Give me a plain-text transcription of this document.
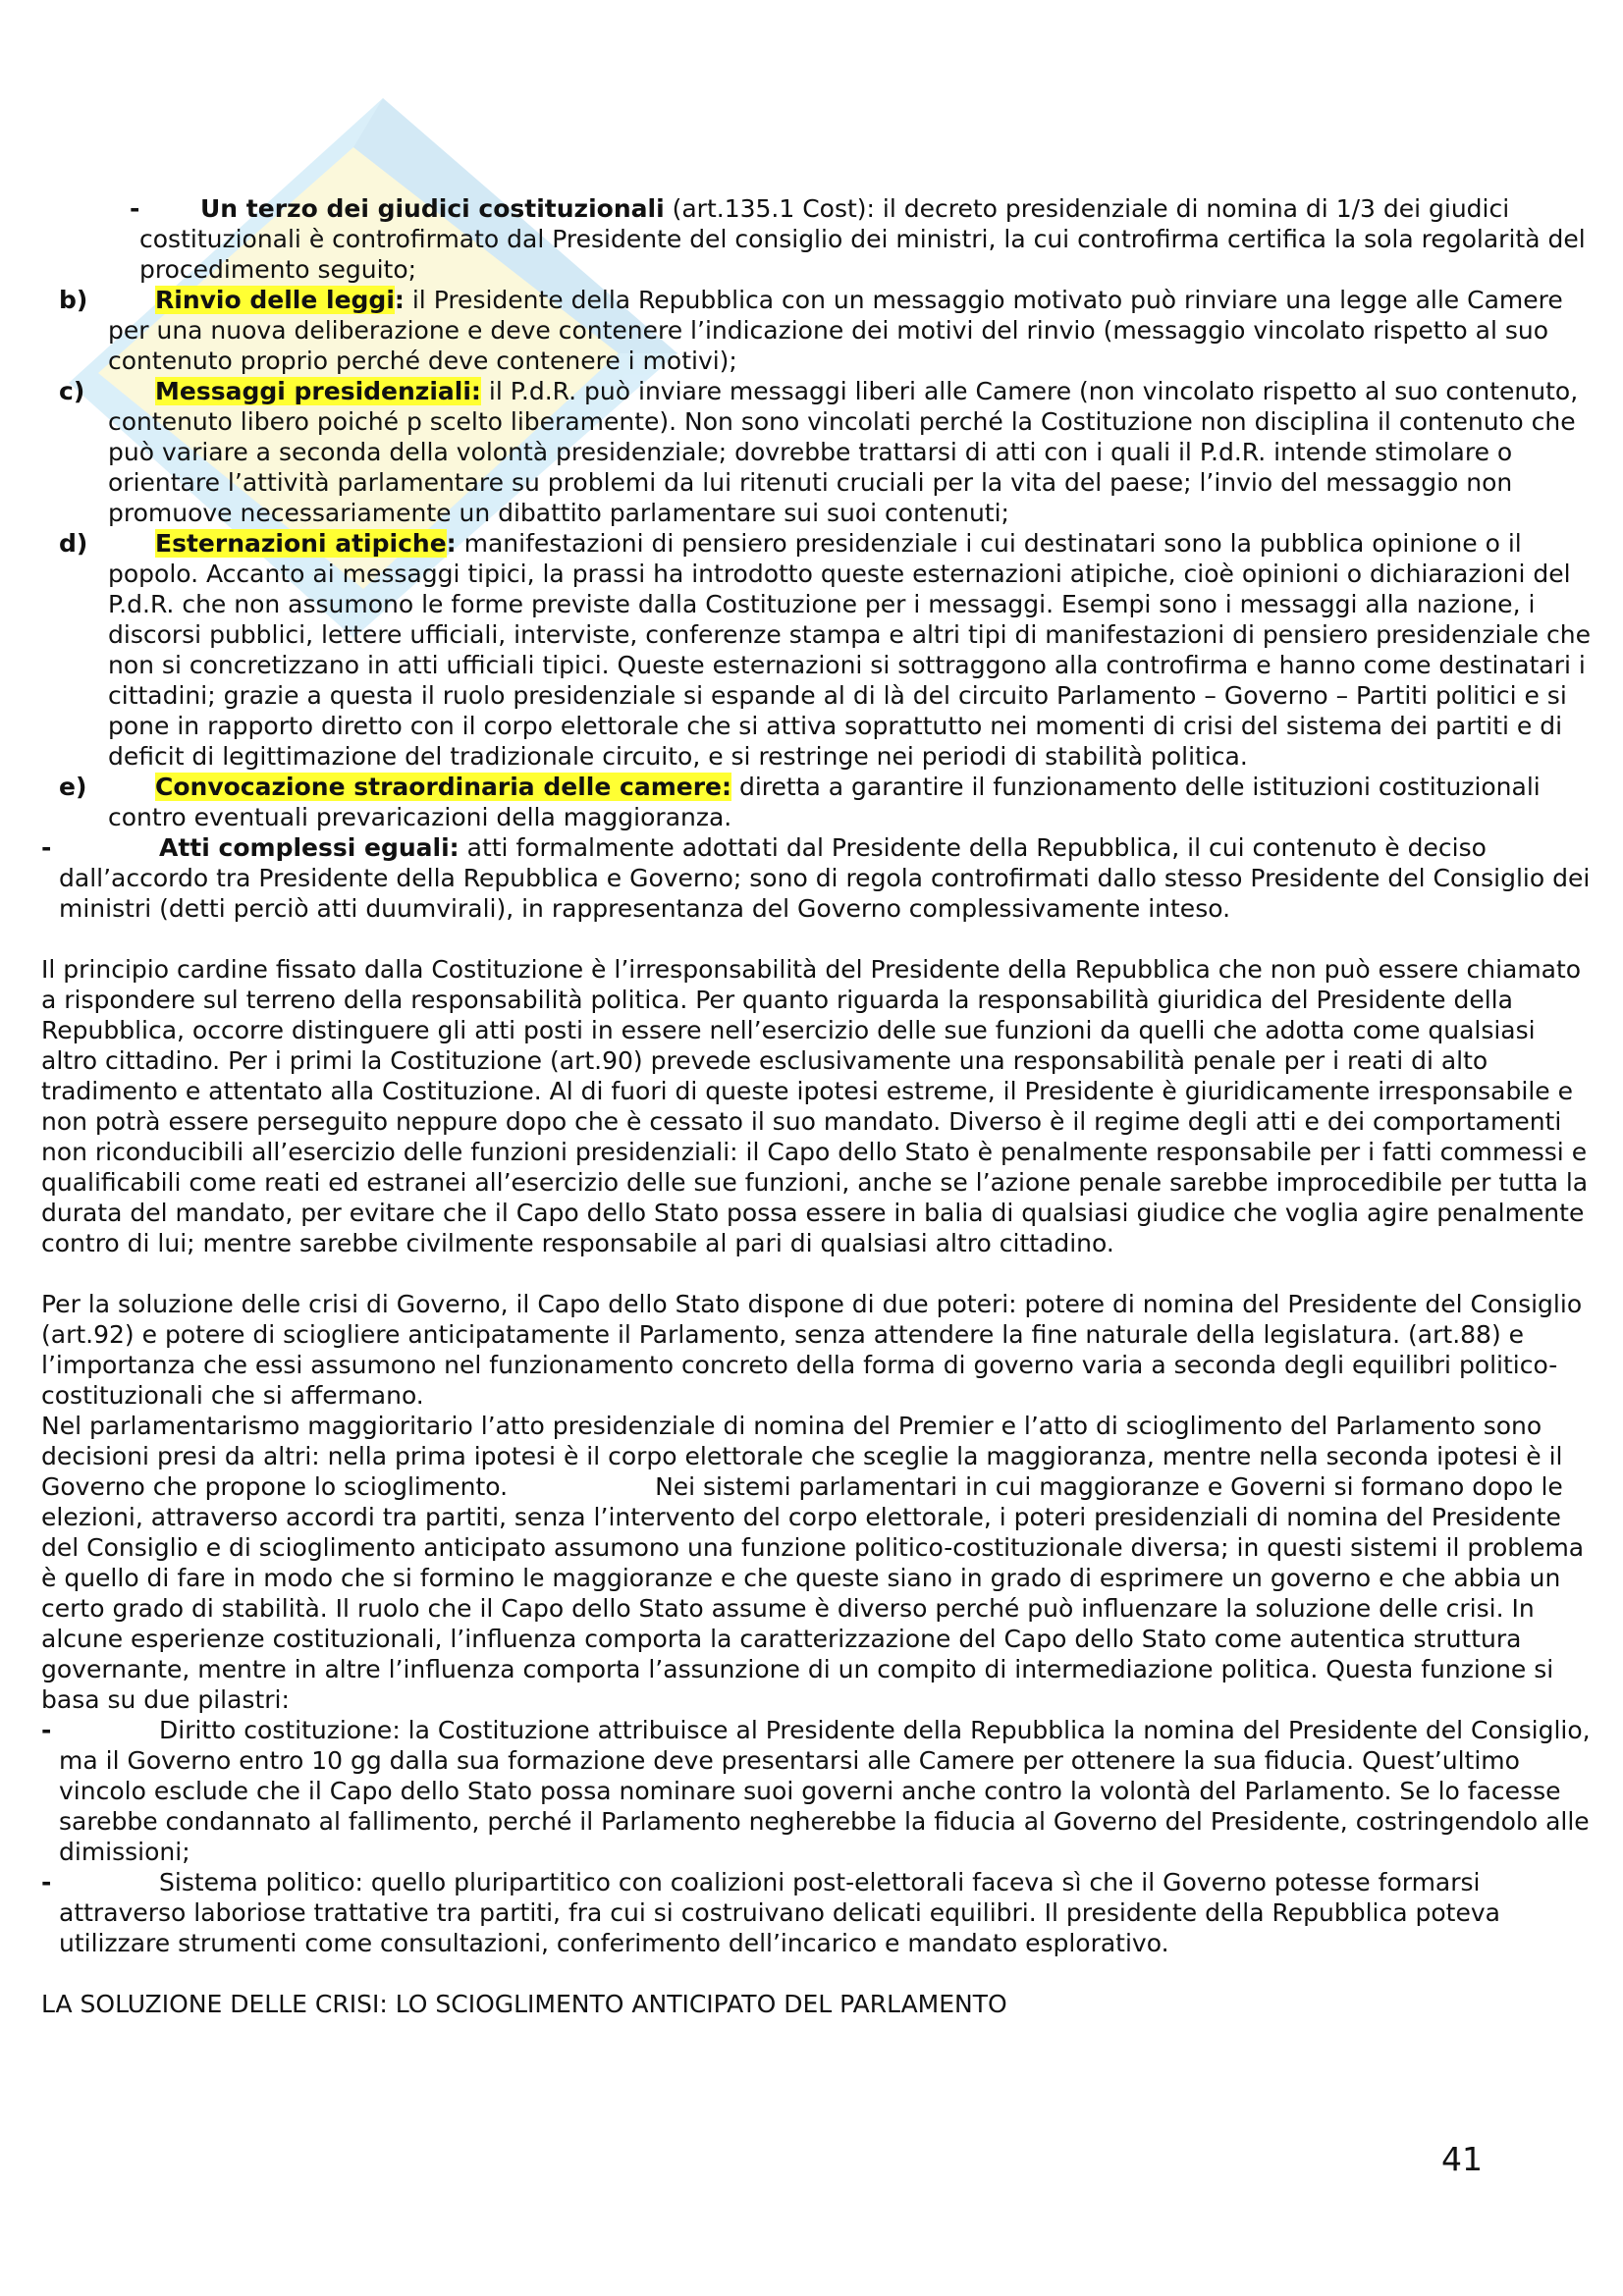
-	Un terzo dei giudici costituzionali (art.135.1 Cost): il decreto presidenziale di nomina di 1/3 dei giudici costituzionali è controfirmato dal Presidente del consiglio dei ministri, la cui controfirma certifica la sola regolarità del procedimento seguito;
b)	Rinvio delle leggi: il Presidente della Repubblica con un messaggio motivato può rinviare una legge alle Camere per una nuova deliberazione e deve contenere l’indicazione dei motivi del rinvio (messaggio vincolato rispetto al suo contenuto proprio perché deve contenere i motivi);
c)	Messaggi presidenziali: il P.d.R. può inviare messaggi liberi alle Camere (non vincolato rispetto al suo contenuto, contenuto libero poiché p scelto liberamente). Non sono vincolati perché la Costituzione non disciplina il contenuto che può variare a seconda della volontà presidenziale; dovrebbe trattarsi di atti con i quali il P.d.R. intende stimolare o orientare l’attività parlamentare su problemi da lui ritenuti cruciali per la vita del paese; l’invio del messaggio non promuove necessariamente un dibattito parlamentare sui suoi contenuti;
d)	Esternazioni atipiche: manifestazioni di pensiero presidenziale i cui destinatari sono la pubblica opinione o il popolo. Accanto ai messaggi tipici, la prassi ha introdotto queste esternazioni atipiche, cioè opinioni o dichiarazioni del P.d.R. che non assumono le forme previste dalla Costituzione per i messaggi. Esempi sono i messaggi alla nazione, i discorsi pubblici, lettere ufficiali, interviste, conferenze stampa e altri tipi di manifestazioni di pensiero presidenziale che non si concretizzano in atti ufficiali tipici. Queste esternazioni si sottraggono alla controfirma e hanno come destinatari i cittadini; grazie a questa il ruolo presidenziale si espande al di là del circuito Parlamento – Governo – Partiti politici e si pone in rapporto diretto con il corpo elettorale che si attiva soprattutto nei momenti di crisi del sistema dei partiti e di deficit di legittimazione del tradizionale circuito, e si restringe nei periodi di stabilità politica.
e)	Convocazione straordinaria delle camere: diretta a garantire il funzionamento delle istituzioni costituzionali contro eventuali prevaricazioni della maggioranza.
-	Atti complessi eguali: atti formalmente adottati dal Presidente della Repubblica, il cui contenuto è deciso dall’accordo tra Presidente della Repubblica e Governo; sono di regola controfirmati dallo stesso Presidente del Consiglio dei ministri (detti perciò atti duumvirali), in rappresentanza del Governo complessivamente inteso.

Il principio cardine fissato dalla Costituzione è l’irresponsabilità del Presidente della Repubblica che non può essere chiamato a rispondere sul terreno della responsabilità politica. Per quanto riguarda la responsabilità giuridica del Presidente della Repubblica, occorre distinguere gli atti posti in essere nell’esercizio delle sue funzioni da quelli che adotta come qualsiasi altro cittadino. Per i primi la Costituzione (art.90) prevede esclusivamente una responsabilità penale per i reati di alto tradimento e attentato alla Costituzione. Al di fuori di queste ipotesi estreme, il Presidente è giuridicamente irresponsabile e non potrà essere perseguito neppure dopo che è cessato il suo mandato. Diverso è il regime degli atti e dei comportamenti non riconducibili all’esercizio delle funzioni presidenziali: il Capo dello Stato è penalmente responsabile per i fatti commessi e qualificabili come reati ed estranei all’esercizio delle sue funzioni, anche se l’azione penale sarebbe improcedibile per tutta la durata del mandato, per evitare che il Capo dello Stato possa essere in balia di qualsiasi giudice che voglia agire penalmente contro di lui; mentre sarebbe civilmente responsabile al pari di qualsiasi altro cittadino.

Per la soluzione delle crisi di Governo, il Capo dello Stato dispone di due poteri: potere di nomina del Presidente del Consiglio (art.92) e potere di sciogliere anticipatamente il Parlamento, senza attendere la fine naturale della legislatura. (art.88) e l’importanza che essi assumono nel funzionamento concreto della forma di governo varia a seconda degli equilibri politico-costituzionali che si affermano.

Nel parlamentarismo maggioritario l’atto presidenziale di nomina del Premier e l’atto di scioglimento del Parlamento sono decisioni presi da altri: nella prima ipotesi è il corpo elettorale che sceglie la maggioranza, mentre nella seconda ipotesi è il Governo che propone lo scioglimento.	Nei sistemi parlamentari in cui maggioranze e Governi si formano dopo le elezioni, attraverso accordi tra partiti, senza l’intervento del corpo elettorale, i poteri presidenziali di nomina del Presidente del Consiglio e di scioglimento anticipato assumono una funzione politico-costituzionale diversa; in questi sistemi il problema è quello di fare in modo che si formino le maggioranze e che queste siano in grado di esprimere un governo e che abbia un certo grado di stabilità. Il ruolo che il Capo dello Stato assume è diverso perché può influenzare la soluzione delle crisi. In alcune esperienze costituzionali, l’influenza comporta la caratterizzazione del Capo dello Stato come autentica struttura governante, mentre in altre l’influenza comporta l’assunzione di un compito di intermediazione politica. Questa funzione si basa su due pilastri:

-	Diritto costituzione: la Costituzione attribuisce al Presidente della Repubblica la nomina del Presidente del Consiglio, ma il Governo entro 10 gg dalla sua formazione deve presentarsi alle Camere per ottenere la sua fiducia. Quest’ultimo vincolo esclude che il Capo dello Stato possa nominare suoi governi anche contro la volontà del Parlamento. Se lo facesse sarebbe condannato al fallimento, perché il Parlamento negherebbe la fiducia al Governo del Presidente, costringendolo alle dimissioni;
-	Sistema politico: quello pluripartitico con coalizioni post-elettorali faceva sì che il Governo potesse formarsi attraverso laboriose trattative tra partiti, fra cui si costruivano delicati equilibri. Il presidente della Repubblica poteva utilizzare strumenti come consultazioni, conferimento dell’incarico e mandato esplorativo.

LA SOLUZIONE DELLE CRISI: LO SCIOGLIMENTO ANTICIPATO DEL PARLAMENTO

41
